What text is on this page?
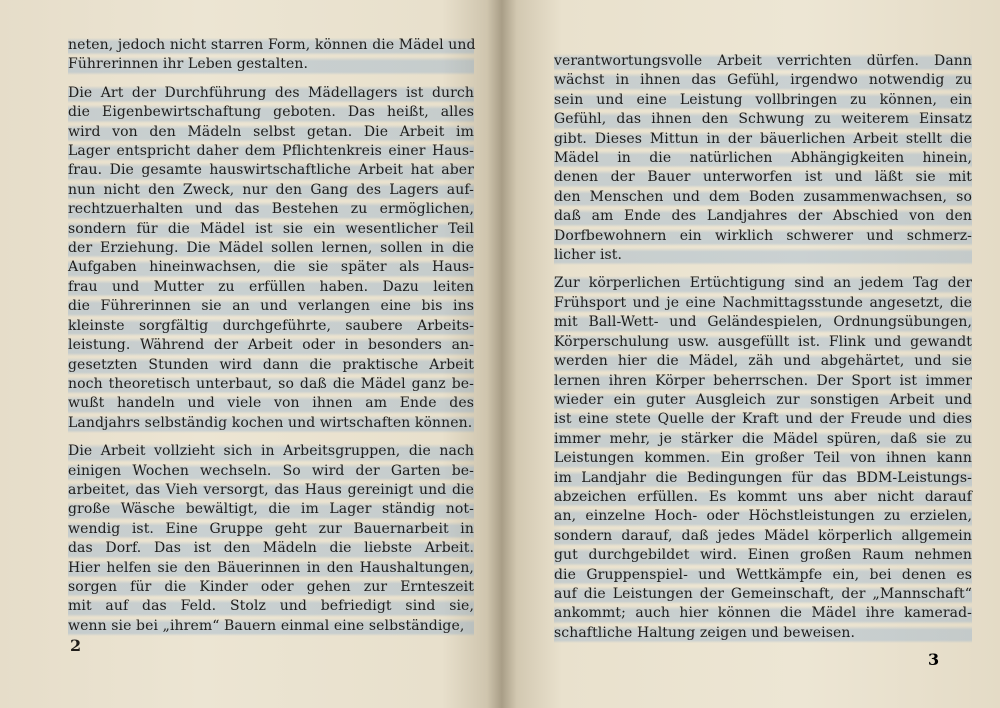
neten, jedoch nicht starren Form, können die Mädel und
Führerinnen ihr Leben gestalten.

Die Art der Durchführung des Mädellagers ist durch
die Eigenbewirtschaftung geboten. Das heißt, alles
wird von den Mädeln selbst getan. Die Arbeit im
Lager entspricht daher dem Pflichtenkreis einer Haus-
frau. Die gesamte hauswirtschaftliche Arbeit hat aber
nun nicht den Zweck, nur den Gang des Lagers auf-
rechtzuerhalten und das Bestehen zu ermöglichen,
sondern für die Mädel ist sie ein wesentlicher Teil
der Erziehung. Die Mädel sollen lernen, sollen in die
Aufgaben hineinwachsen, die sie später als Haus-
frau und Mutter zu erfüllen haben. Dazu leiten
die Führerinnen sie an und verlangen eine bis ins
kleinste sorgfältig durchgeführte, saubere Arbeits-
leistung. Während der Arbeit oder in besonders an-
gesetzten Stunden wird dann die praktische Arbeit
noch theoretisch unterbaut, so daß die Mädel ganz be-
wußt handeln und viele von ihnen am Ende des
Landjahrs selbständig kochen und wirtschaften können.

Die Arbeit vollzieht sich in Arbeitsgruppen, die nach
einigen Wochen wechseln. So wird der Garten be-
arbeitet, das Vieh versorgt, das Haus gereinigt und die
große Wäsche bewältigt, die im Lager ständig not-
wendig ist. Eine Gruppe geht zur Bauernarbeit in
das Dorf. Das ist den Mädeln die liebste Arbeit.
Hier helfen sie den Bäuerinnen in den Haushaltungen,
sorgen für die Kinder oder gehen zur Ernteszeit
mit auf das Feld. Stolz und befriedigt sind sie,
wenn sie bei „ihrem“ Bauern einmal eine selbständige,

2

verantwortungsvolle Arbeit verrichten dürfen. Dann
wächst in ihnen das Gefühl, irgendwo notwendig zu
sein und eine Leistung vollbringen zu können, ein
Gefühl, das ihnen den Schwung zu weiterem Einsatz
gibt. Dieses Mittun in der bäuerlichen Arbeit stellt die
Mädel in die natürlichen Abhängigkeiten hinein,
denen der Bauer unterworfen ist und läßt sie mit
den Menschen und dem Boden zusammenwachsen, so
daß am Ende des Landjahres der Abschied von den
Dorfbewohnern ein wirklich schwerer und schmerz-
licher ist.

Zur körperlichen Ertüchtigung sind an jedem Tag der
Frühsport und je eine Nachmittagsstunde angesetzt, die
mit Ball-Wett- und Geländespielen, Ordnungsübungen,
Körperschulung usw. ausgefüllt ist. Flink und gewandt
werden hier die Mädel, zäh und abgehärtet, und sie
lernen ihren Körper beherrschen. Der Sport ist immer
wieder ein guter Ausgleich zur sonstigen Arbeit und
ist eine stete Quelle der Kraft und der Freude und dies
immer mehr, je stärker die Mädel spüren, daß sie zu
Leistungen kommen. Ein großer Teil von ihnen kann
im Landjahr die Bedingungen für das BDM-Leistungs-
abzeichen erfüllen. Es kommt uns aber nicht darauf
an, einzelne Hoch- oder Höchstleistungen zu erzielen,
sondern darauf, daß jedes Mädel körperlich allgemein
gut durchgebildet wird. Einen großen Raum nehmen
die Gruppenspiel- und Wettkämpfe ein, bei denen es
auf die Leistungen der Gemeinschaft, der „Mannschaft“
ankommt; auch hier können die Mädel ihre kamerad-
schaftliche Haltung zeigen und beweisen.

3
